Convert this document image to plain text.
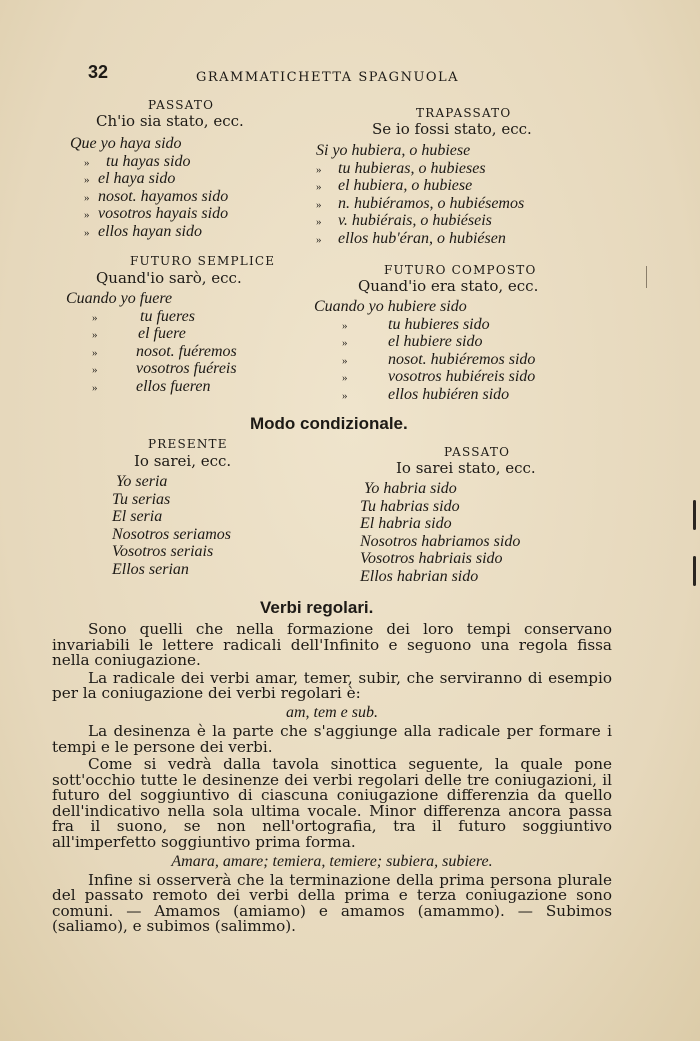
32	GRAMMATICHETTA SPAGNUOLA
PASSATO
Ch'io sia stato, ecc.
Que yo haya sido
» tu hayas sido
» el haya sido
» nosot. hayamos sido
» vosotros hayais sido
» ellos hayan sido
TRAPASSATO
Se io fossi stato, ecc.
Si yo hubiera, o hubiese
» tu hubieras, o hubieses
» el hubiera, o hubiese
» n. hubiéramos, o hubiésemos
» v. hubiérais, o hubiéseis
» ellos hub'éran, o hubiésen
FUTURO SEMPLICE
Quand'io sarò, ecc.
Cuando yo fuere
»	tu fueres
»	el fuere
» nosot. fuéremos
» vosotros fuéreis
» ellos fueren
FUTURO COMPOSTO
Quand'io era stato, ecc.
Cuando yo hubiere sido
»	tu hubieres sido
»	el hubiere sido
»	nosot. hubiéremos sido
»	vosotros hubiéreis sido
»	ellos hubiéren sido
Modo condizionale.
PRESENTE
Io sarei, ecc.
Yo seria
Tu serias
El seria
Nosotros seriamos
Vosotros seriais
Ellos serian
PASSATO
Io sarei stato, ecc.
Yo habria sido
Tu habrias sido
El habria sido
Nosotros habriamos sido
Vosotros habriais sido
Ellos habrian sido
Verbi regolari.

Sono quelli che nella formazione dei loro tempi conservano invariabili le lettere radicali dell'Infinito e seguono una regola fissa nella coniugazione.

La radicale dei verbi amar, temer, subir, che serviranno di esempio per la coniugazione dei verbi regolari è:

am, tem e sub.

La desinenza è la parte che s'aggiunge alla radicale per formare i tempi e le persone dei verbi.

Come si vedrà dalla tavola sinottica seguente, la quale pone sott'occhio tutte le desinenze dei verbi regolari delle tre coniugazioni, il futuro del soggiuntivo di ciascuna coniugazione differenzia da quello dell'indicativo nella sola ultima vocale. Minor differenza ancora passa fra il suono, se non nell'ortografia, tra il futuro soggiuntivo all'imperfetto soggiuntivo prima forma.

Amara, amare; temiera, temiere; subiera, subiere.

Infine si osserverà che la terminazione della prima persona plurale del passato remoto dei verbi della prima e terza coniugazione sono comuni. — Amamos (amiamo) e amamos (amammo). — Subimos (saliamo), e subimos (salimmo).
